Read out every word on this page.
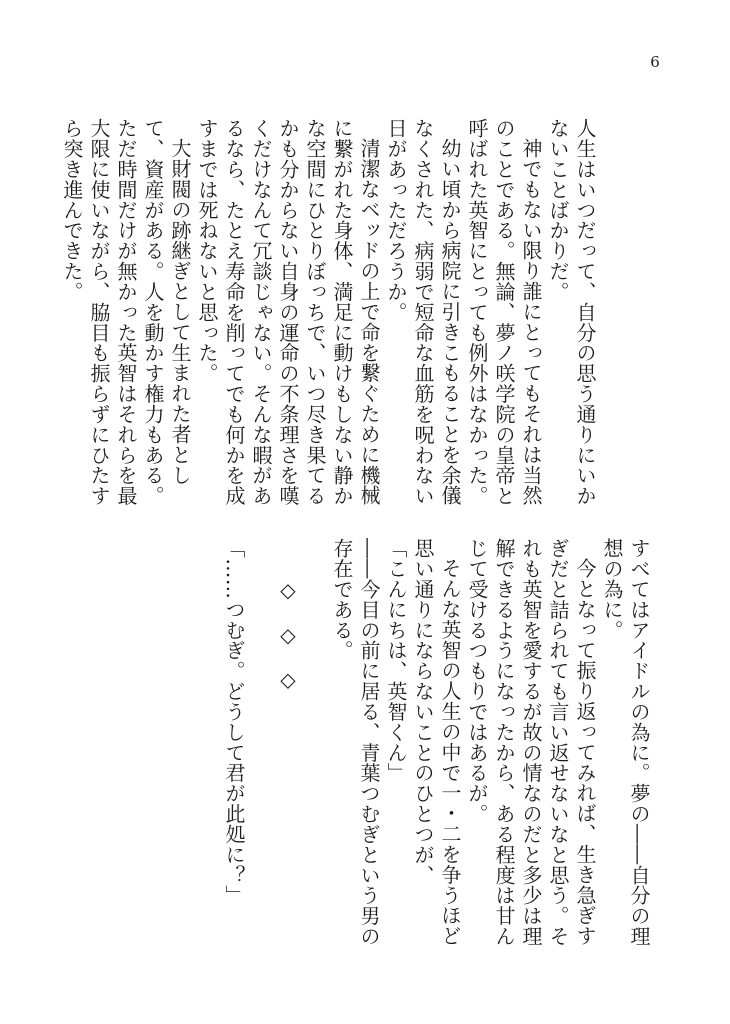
6

人生はいつだって、自分の思う通りにいかないことばかりだ。

神でもない限り誰にとってもそれは当然のことである。無論、夢ノ咲学院の皇帝と呼ばれた英智にとっても例外はなかった。

幼い頃から病院に引きこもることを余儀なくされた、病弱で短命な血筋を呪わない日があっただろうか。

清潔なベッドの上で命を繋ぐために機械に繋がれた身体、満足に動けもしない静かな空間にひとりぼっちで、いつ尽き果てるかも分からない自身の運命の不条理さを嘆くだけなんて冗談じゃない。そんな暇があるなら、たとえ寿命を削ってでも何かを成すまでは死ねないと思った。

大財閥の跡継ぎとして生まれた者として、資産がある。人を動かす権力もある。ただ時間だけが無かった英智はそれらを最大限に使いながら、脇目も振らずにひたすら突き進んできた。

すべてはアイドルの為に。夢の――自分の理想の為に。

今となって振り返ってみれば、生き急ぎすぎだと詰られても言い返せないなと思う。それも英智を愛するが故の情なのだと多少は理解できるようになったから、ある程度は甘んじて受けるつもりではあるが。

そんな英智の人生の中で一・二を争うほど思い通りにならないことのひとつが、

「こんにちは、英智くん」

――今目の前に居る、青葉つむぎという男の存在である。

◇　◇　◇

「……つむぎ。どうして君が此処に？」
